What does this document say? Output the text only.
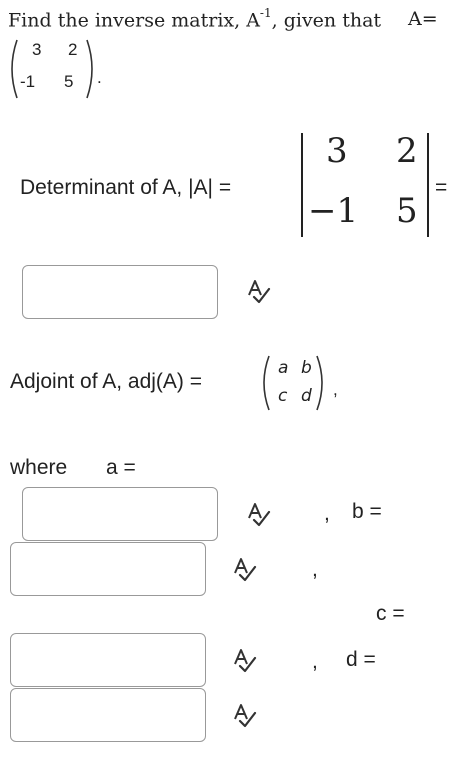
Find the inverse matrix, $A^{-1}$, given that A=
3 2
-1 5 .
Determinant of A, |A| =
3 2
−1 5
=
Adjoint of A, adj(A) =
a b
c d ,
where a =
, b =
,
c =
, d =
